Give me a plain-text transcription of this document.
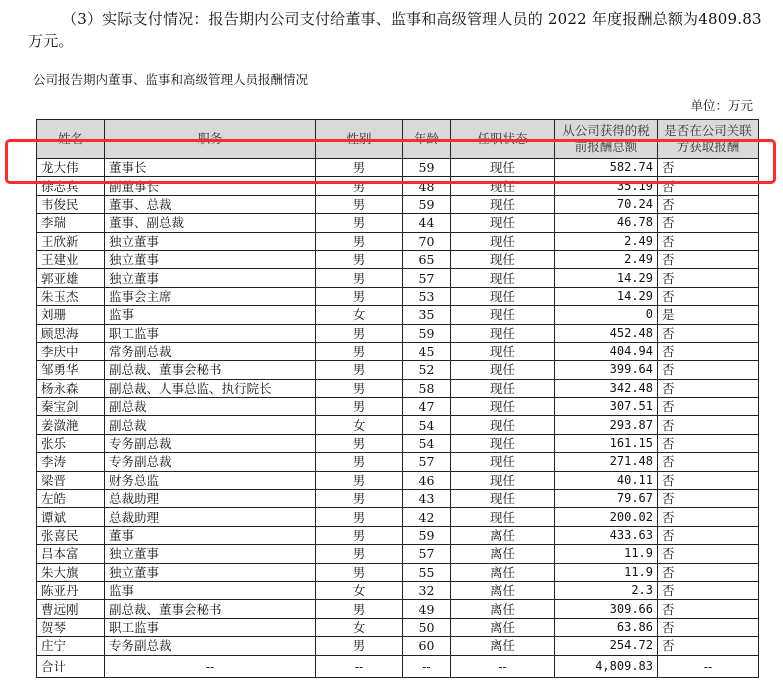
（3）实际支付情况：报告期内公司支付给董事、监事和高级管理人员的 2022 年度报酬总额为4809.83 万元。
公司报告期内董事、监事和高级管理人员报酬情况
单位：万元
姓名	职务	性别	年龄	任职状态	从公司获得的税前报酬总额	是否在公司关联方获取报酬
龙大伟	董事长	男	59	现任	582.74	否
徐志宾	副董事长	男	48	现任	35.19	否
韦俊民	董事、总裁	男	59	现任	70.24	否
李瑞	董事、副总裁	男	44	现任	46.78	否
王欣新	独立董事	男	70	现任	2.49	否
王建业	独立董事	男	65	现任	2.49	否
郭亚雄	独立董事	男	57	现任	14.29	否
朱玉杰	监事会主席	男	53	现任	14.29	否
刘珊	监事	女	35	现任	0	是
顾思海	职工监事	男	59	现任	452.48	否
李庆中	常务副总裁	男	45	现任	404.94	否
邹勇华	副总裁、董事会秘书	男	52	现任	399.64	否
杨永森	副总裁、人事总监、执行院长	男	58	现任	342.48	否
秦宝剑	副总裁	男	47	现任	307.51	否
姜潋滟	副总裁	女	54	现任	293.87	否
张乐	专务副总裁	男	54	现任	161.15	否
李涛	专务副总裁	男	57	现任	271.48	否
梁晋	财务总监	男	46	现任	40.11	否
左皓	总裁助理	男	43	现任	79.67	否
谭斌	总裁助理	男	42	现任	200.02	否
张喜民	董事	男	59	离任	433.63	否
吕本富	独立董事	男	57	离任	11.9	否
朱大旗	独立董事	男	55	离任	11.9	否
陈亚丹	监事	女	32	离任	2.3	否
曹远刚	副总裁、董事会秘书	男	49	离任	309.66	否
贺琴	职工监事	女	50	离任	63.86	否
庄宁	专务副总裁	男	60	离任	254.72	否
合计	--	--	--	--	4,809.83	--
